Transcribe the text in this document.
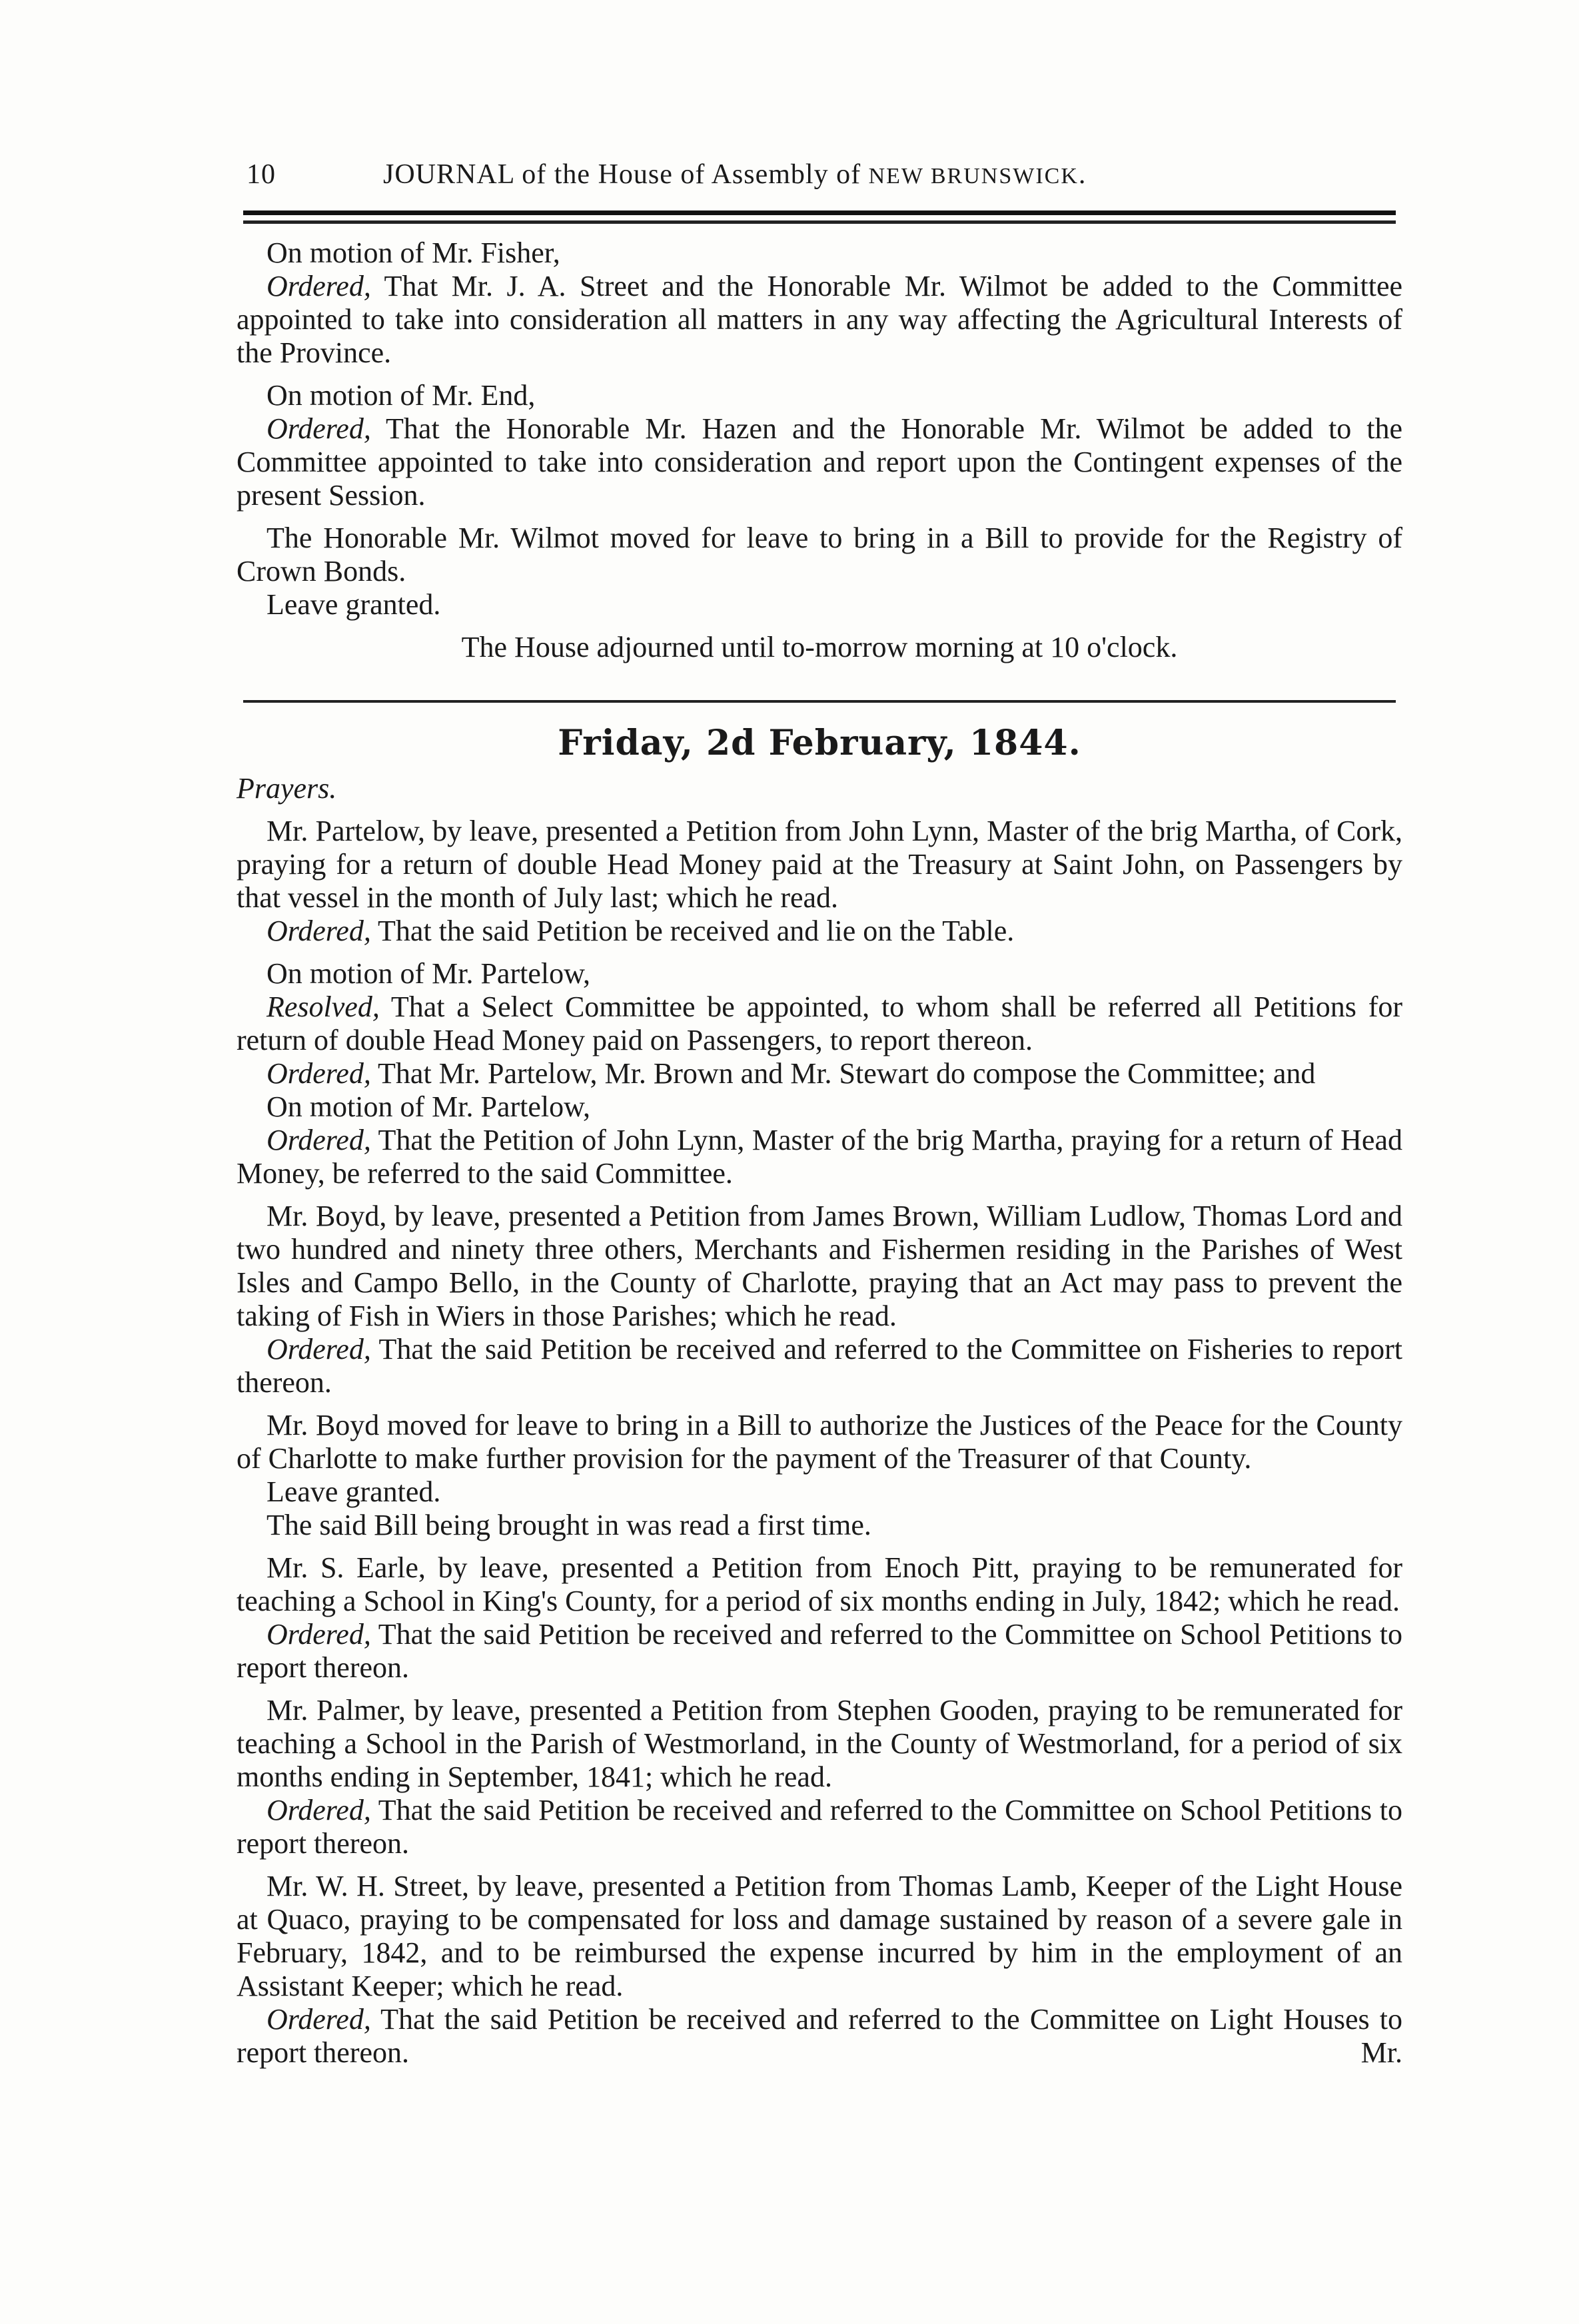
10	JOURNAL of the House of Assembly of NEW BRUNSWICK.

On motion of Mr. Fisher,

Ordered, That Mr. J. A. Street and the Honorable Mr. Wilmot be added to the Committee appointed to take into consideration all matters in any way affecting the Agricultural Interests of the Province.

On motion of Mr. End,

Ordered, That the Honorable Mr. Hazen and the Honorable Mr. Wilmot be added to the Committee appointed to take into consideration and report upon the Contingent expenses of the present Session.

The Honorable Mr. Wilmot moved for leave to bring in a Bill to provide for the Registry of Crown Bonds.

Leave granted.

The House adjourned until to-morrow morning at 10 o'clock.

Friday, 2d February, 1844.

Prayers.

Mr. Partelow, by leave, presented a Petition from John Lynn, Master of the brig Martha, of Cork, praying for a return of double Head Money paid at the Treasury at Saint John, on Passengers by that vessel in the month of July last; which he read.

Ordered, That the said Petition be received and lie on the Table.

On motion of Mr. Partelow,

Resolved, That a Select Committee be appointed, to whom shall be referred all Petitions for return of double Head Money paid on Passengers, to report thereon.

Ordered, That Mr. Partelow, Mr. Brown and Mr. Stewart do compose the Committee; and

On motion of Mr. Partelow,

Ordered, That the Petition of John Lynn, Master of the brig Martha, praying for a return of Head Money, be referred to the said Committee.

Mr. Boyd, by leave, presented a Petition from James Brown, William Ludlow, Thomas Lord and two hundred and ninety three others, Merchants and Fishermen residing in the Parishes of West Isles and Campo Bello, in the County of Charlotte, praying that an Act may pass to prevent the taking of Fish in Wiers in those Parishes; which he read.

Ordered, That the said Petition be received and referred to the Committee on Fisheries to report thereon.

Mr. Boyd moved for leave to bring in a Bill to authorize the Justices of the Peace for the County of Charlotte to make further provision for the payment of the Treasurer of that County.

Leave granted.

The said Bill being brought in was read a first time.

Mr. S. Earle, by leave, presented a Petition from Enoch Pitt, praying to be remunerated for teaching a School in King's County, for a period of six months ending in July, 1842; which he read.

Ordered, That the said Petition be received and referred to the Committee on School Petitions to report thereon.

Mr. Palmer, by leave, presented a Petition from Stephen Gooden, praying to be remunerated for teaching a School in the Parish of Westmorland, in the County of Westmorland, for a period of six months ending in September, 1841; which he read.

Ordered, That the said Petition be received and referred to the Committee on School Petitions to report thereon.

Mr. W. H. Street, by leave, presented a Petition from Thomas Lamb, Keeper of the Light House at Quaco, praying to be compensated for loss and damage sustained by reason of a severe gale in February, 1842, and to be reimbursed the expense incurred by him in the employment of an Assistant Keeper; which he read.

Ordered, That the said Petition be received and referred to the Committee on Light Houses to report thereon.	Mr.
